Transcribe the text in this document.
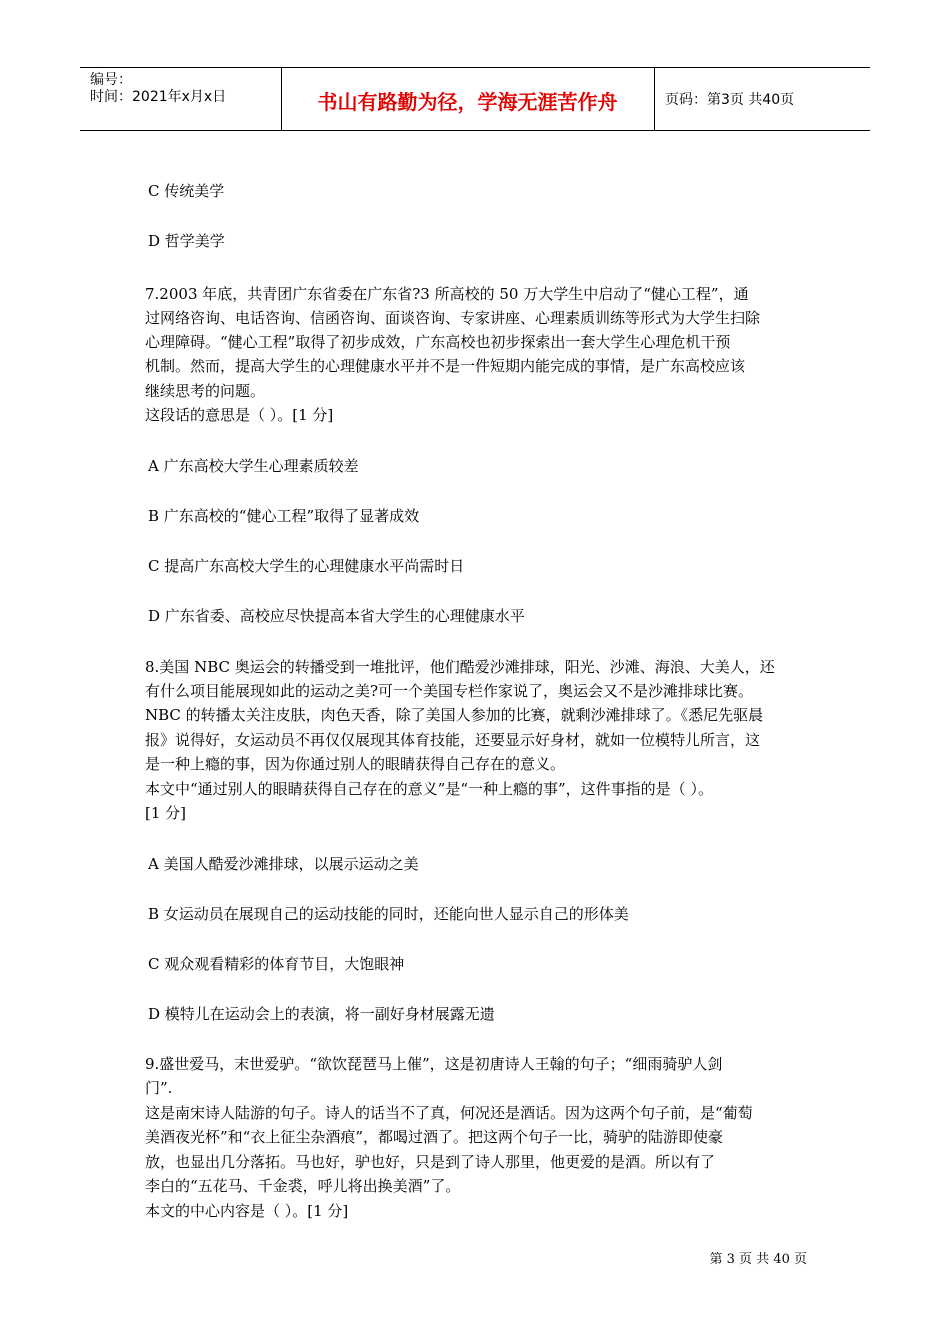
编号：
时间：2021年x月x日	书山有路勤为径，学海无涯苦作舟	页码：第3页 共40页
C 传统美学
D 哲学美学
7.2003 年底，共青团广东省委在广东省?3 所高校的 50 万大学生中启动了“健心工程”，通
过网络咨询、电话咨询、信函咨询、面谈咨询、专家讲座、心理素质训练等形式为大学生扫除
心理障碍。“健心工程”取得了初步成效，广东高校也初步探索出一套大学生心理危机干预
机制。然而，提高大学生的心理健康水平并不是一件短期内能完成的事情，是广东高校应该
继续思考的问题。
这段话的意思是（ ）。[1 分]
A 广东高校大学生心理素质较差
B 广东高校的“健心工程”取得了显著成效
C 提高广东高校大学生的心理健康水平尚需时日
D 广东省委、高校应尽快提高本省大学生的心理健康水平
8.美国 NBC 奥运会的转播受到一堆批评，他们酷爱沙滩排球，阳光、沙滩、海浪、大美人，还
有什么项目能展现如此的运动之美?可一个美国专栏作家说了，奥运会又不是沙滩排球比赛。
NBC 的转播太关注皮肤，肉色天香，除了美国人参加的比赛，就剩沙滩排球了。《悉尼先驱晨
报》说得好，女运动员不再仅仅展现其体育技能，还要显示好身材，就如一位模特儿所言，这
是一种上瘾的事，因为你通过别人的眼睛获得自己存在的意义。
本文中“通过别人的眼睛获得自己存在的意义”是“一种上瘾的事”，这件事指的是（ ）。
[1 分]
A 美国人酷爱沙滩排球，以展示运动之美
B 女运动员在展现自己的运动技能的同时，还能向世人显示自己的形体美
C 观众观看精彩的体育节目，大饱眼神
D 模特儿在运动会上的表演，将一副好身材展露无遗
9.盛世爱马，末世爱驴。“欲饮琵琶马上催”，这是初唐诗人王翰的句子；“细雨骑驴人剑
门”.
这是南宋诗人陆游的句子。诗人的话当不了真，何况还是酒话。因为这两个句子前，是“葡萄
美酒夜光杯”和“衣上征尘杂酒痕”，都喝过酒了。把这两个句子一比，骑驴的陆游即使豪
放，也显出几分落拓。马也好，驴也好，只是到了诗人那里，他更爱的是酒。所以有了
李白的“五花马、千金裘，呼儿将出换美酒”了。
本文的中心内容是（ ）。[1 分]
第 3 页 共 40 页
